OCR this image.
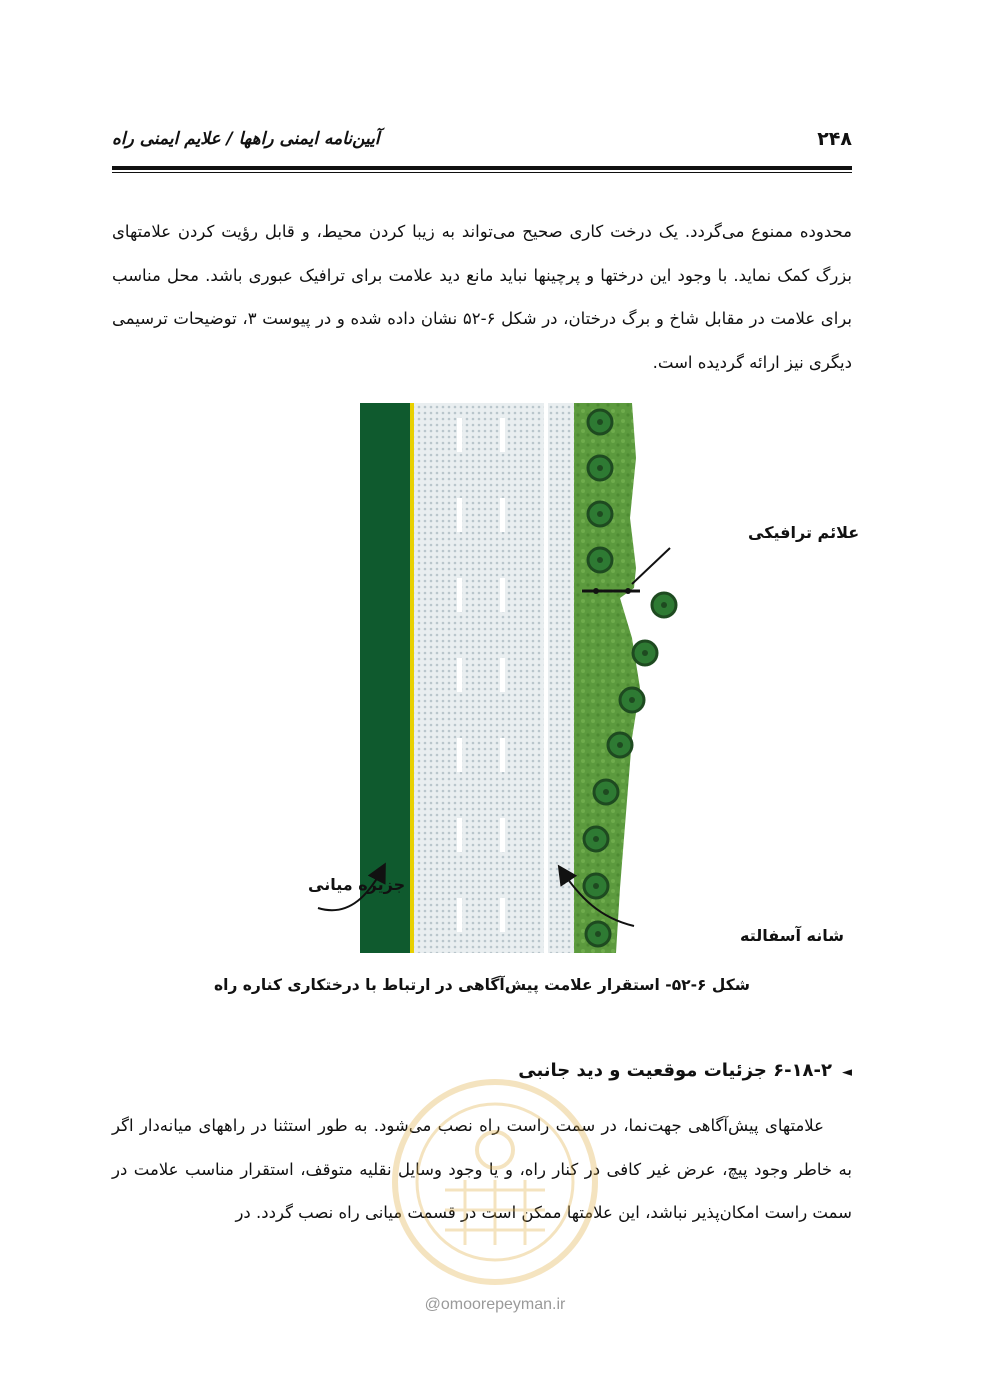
۲۴۸
آیین‌نامه ایمنی راهها / علایم ایمنی راه

محدوده ممنوع می‌گردد. یک درخت کاری صحیح می‌تواند به زیبا کردن محیط، و قابل رؤیت کردن علامتهای بزرگ کمک نماید. با وجود این درختها و پرچینها نباید مانع دید علامت برای ترافیک عبوری باشد. محل مناسب برای علامت در مقابل شاخ و برگ درختان، در شکل ۶-۵۲ نشان داده شده و در پیوست ۳، توضیحات ترسیمی دیگری نیز ارائه گردیده است.

علائم ترافیکی
جزیره میانی
شانه آسفالته
شکل ۶-۵۲- استقرار علامت پیش‌آگاهی در ارتباط با درختکاری کناره راه
◄۶-۱۸-۲ جزئیات موقعیت و دید جانبی

علامتهای پیش‌آگاهی جهت‌نما، در سمت راست راه نصب می‌شود. به طور استثنا در راههای میانه‌دار اگر به خاطر وجود پیچ، عرض غیر کافی در کنار راه، و یا وجود وسایل نقلیه متوقف، استقرار مناسب علامت در سمت راست امکان‌پذیر نباشد، این علامتها ممکن است در قسمت میانی راه نصب گردد. در

@omoorepeyman.ir
